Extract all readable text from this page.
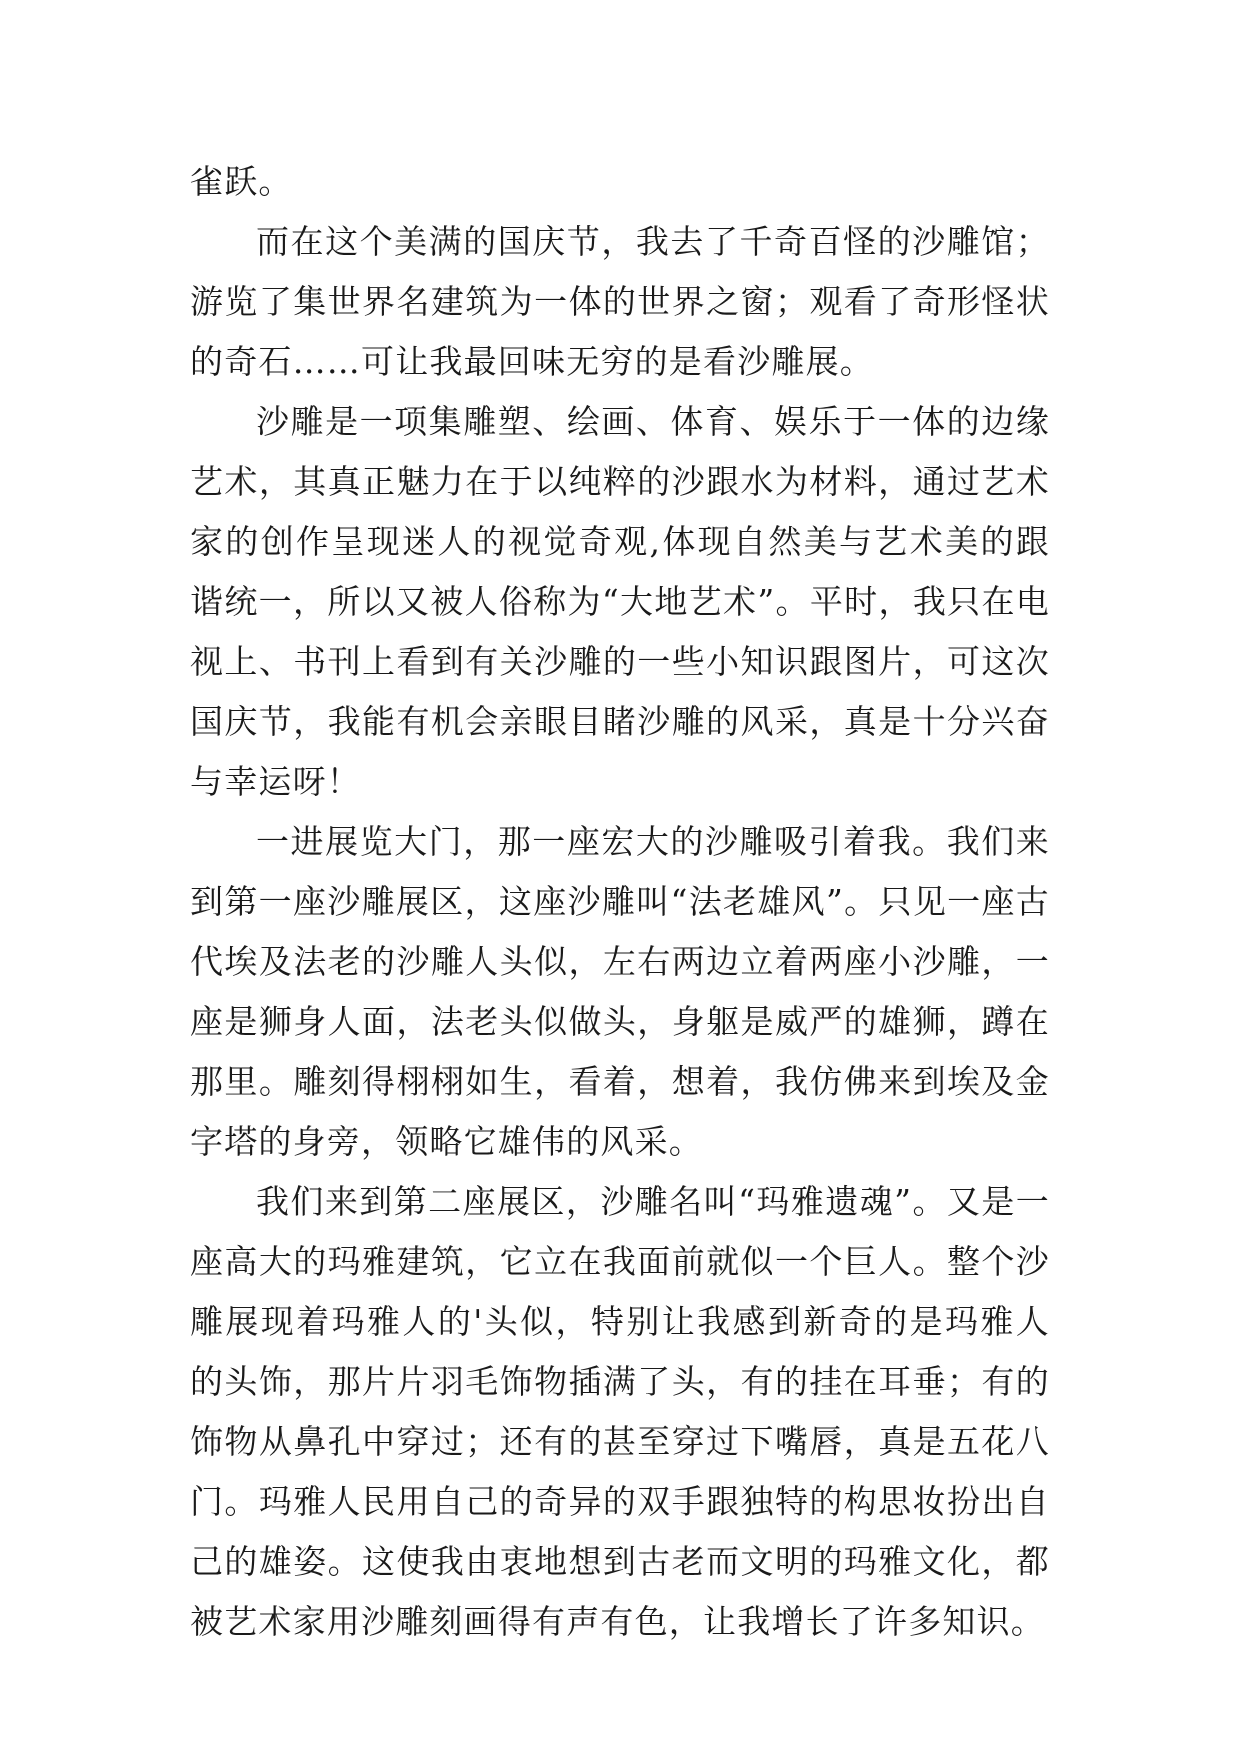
雀跃。

而在这个美满的国庆节，我去了千奇百怪的沙雕馆；游览了集世界名建筑为一体的世界之窗；观看了奇形怪状的奇石……可让我最回味无穷的是看沙雕展。

沙雕是一项集雕塑、绘画、体育、娱乐于一体的边缘艺术，其真正魅力在于以纯粹的沙跟水为材料，通过艺术家的创作呈现迷人的视觉奇观,体现自然美与艺术美的跟谐统一，所以又被人俗称为“大地艺术”。平时，我只在电视上、书刊上看到有关沙雕的一些小知识跟图片，可这次国庆节，我能有机会亲眼目睹沙雕的风采，真是十分兴奋与幸运呀！

一进展览大门，那一座宏大的沙雕吸引着我。我们来到第一座沙雕展区，这座沙雕叫“法老雄风”。只见一座古代埃及法老的沙雕人头似，左右两边立着两座小沙雕，一座是狮身人面，法老头似做头，身躯是威严的雄狮，蹲在那里。雕刻得栩栩如生，看着，想着，我仿佛来到埃及金字塔的身旁，领略它雄伟的风采。

我们来到第二座展区，沙雕名叫“玛雅遗魂”。又是一座高大的玛雅建筑，它立在我面前就似一个巨人。整个沙雕展现着玛雅人的'头似，特别让我感到新奇的是玛雅人的头饰，那片片羽毛饰物插满了头，有的挂在耳垂；有的饰物从鼻孔中穿过；还有的甚至穿过下嘴唇，真是五花八门。玛雅人民用自己的奇异的双手跟独特的构思妆扮出自己的雄姿。这使我由衷地想到古老而文明的玛雅文化，都被艺术家用沙雕刻画得有声有色，让我增长了许多知识。
